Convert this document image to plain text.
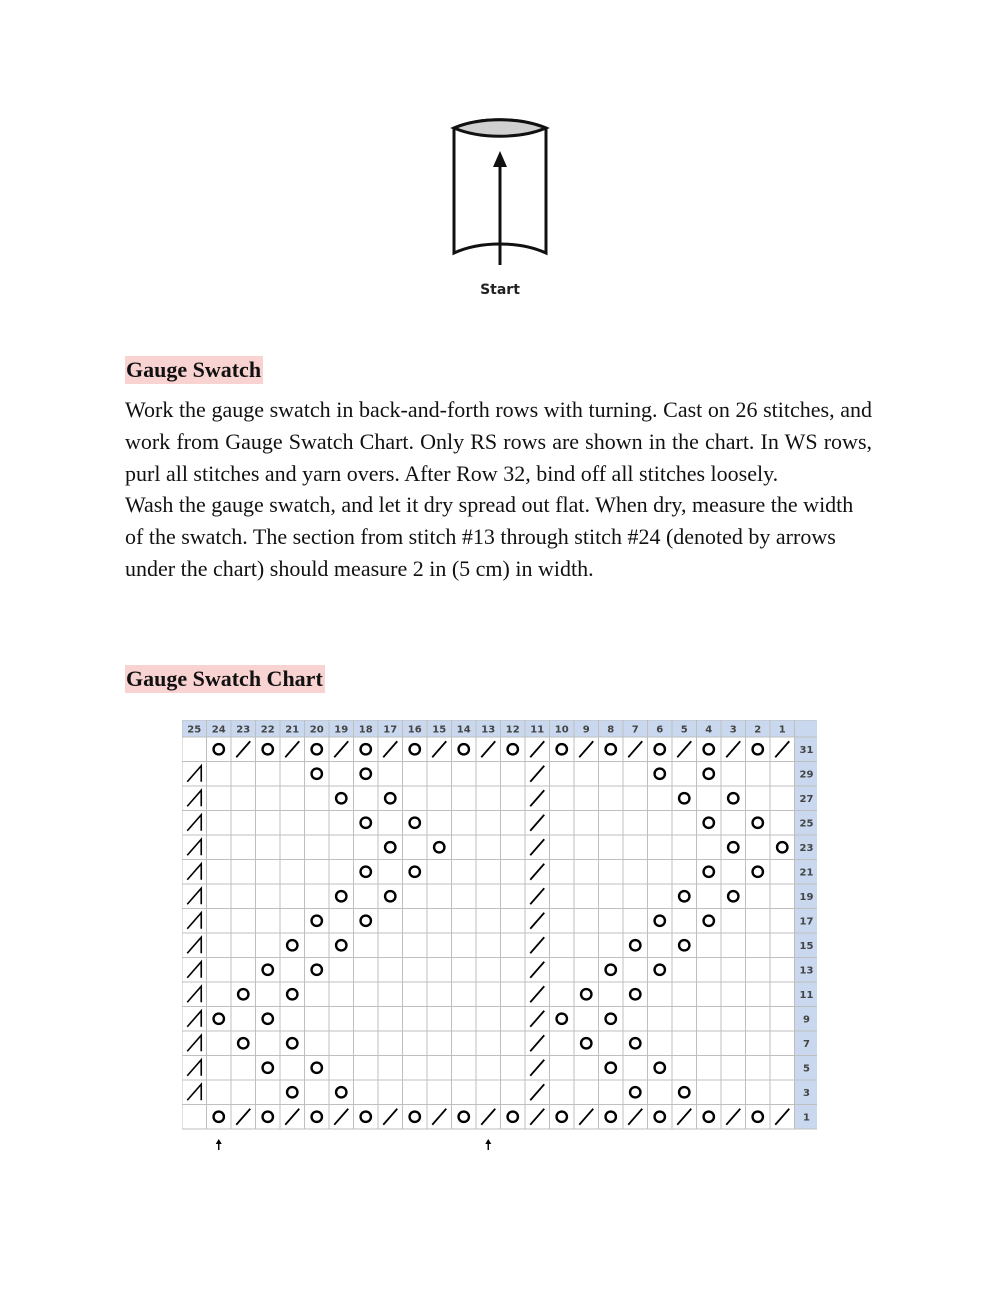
Start
Gauge Swatch

Work the gauge swatch in back-and-forth rows with turning. Cast on 26 stitches, and work from Gauge Swatch Chart. Only RS rows are shown in the chart. In WS rows, purl all stitches and yarn overs. After Row 32, bind off all stitches loosely.

Wash the gauge swatch, and let it dry spread out flat. When dry, measure the width of the swatch. The section from stitch #13 through stitch #24 (denoted by arrows under the chart) should measure 2 in (5 cm) in width.

Gauge Swatch Chart
25 24 23 22 21 20 19 18 17 16 15 14 13 12 11 10 9 8 7 6 5 4 3 2 1
31
29
27
25
23
21
19
17
15
13
11
9
7
5
3
1
